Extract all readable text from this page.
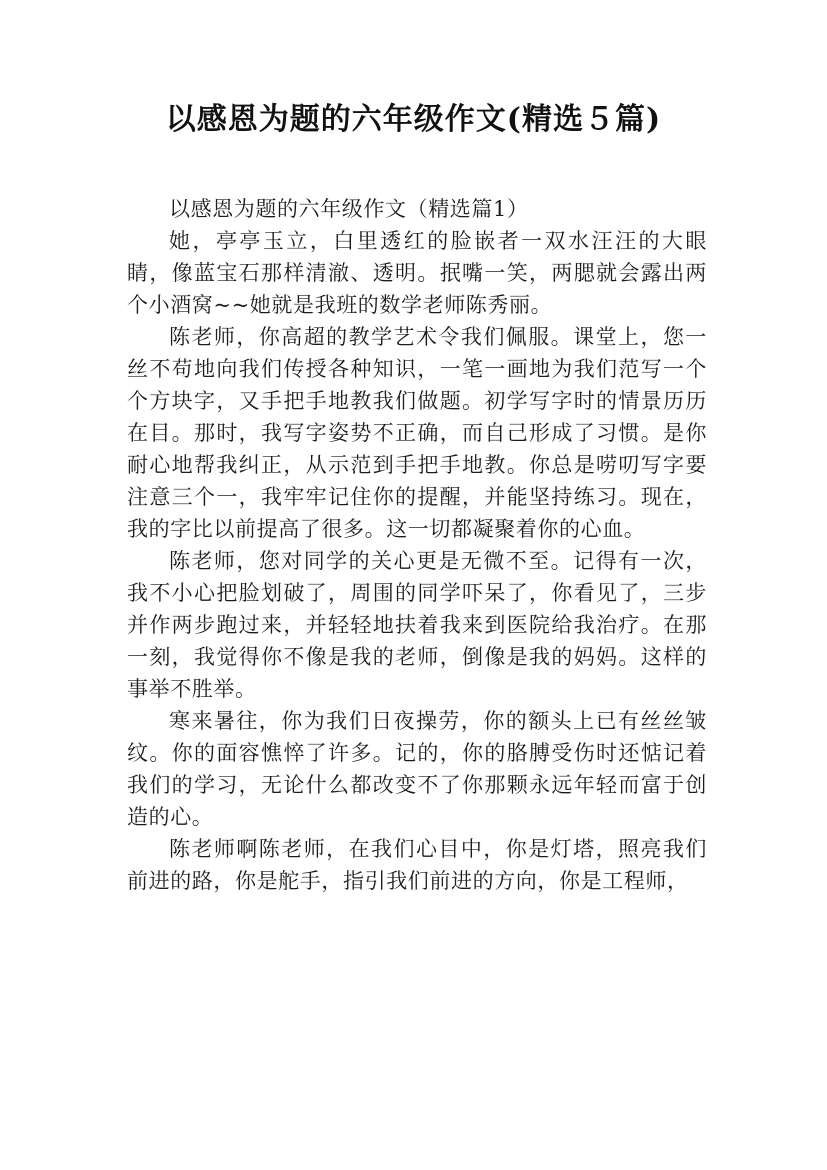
以感恩为题的六年级作文(精选５篇)

以感恩为题的六年级作文（精选篇1）

她，亭亭玉立，白里透红的脸嵌者一双水汪汪的大眼睛，像蓝宝石那样清澈、透明。抿嘴一笑，两腮就会露出两个小酒窝~~她就是我班的数学老师陈秀丽。

陈老师，你高超的教学艺术令我们佩服。课堂上，您一丝不苟地向我们传授各种知识，一笔一画地为我们范写一个个方块字，又手把手地教我们做题。初学写字时的情景历历在目。那时，我写字姿势不正确，而自己形成了习惯。是你耐心地帮我纠正，从示范到手把手地教。你总是唠叨写字要注意三个一，我牢牢记住你的提醒，并能坚持练习。现在，我的字比以前提高了很多。这一切都凝聚着你的心血。

陈老师，您对同学的关心更是无微不至。记得有一次，我不小心把脸划破了，周围的同学吓呆了，你看见了，三步并作两步跑过来，并轻轻地扶着我来到医院给我治疗。在那一刻，我觉得你不像是我的老师，倒像是我的妈妈。这样的事举不胜举。

寒来暑往，你为我们日夜操劳，你的额头上已有丝丝皱纹。你的面容憔悴了许多。记的，你的胳膊受伤时还惦记着我们的学习，无论什么都改变不了你那颗永远年轻而富于创造的心。

陈老师啊陈老师，在我们心目中，你是灯塔，照亮我们前进的路，你是舵手，指引我们前进的方向，你是工程师，
